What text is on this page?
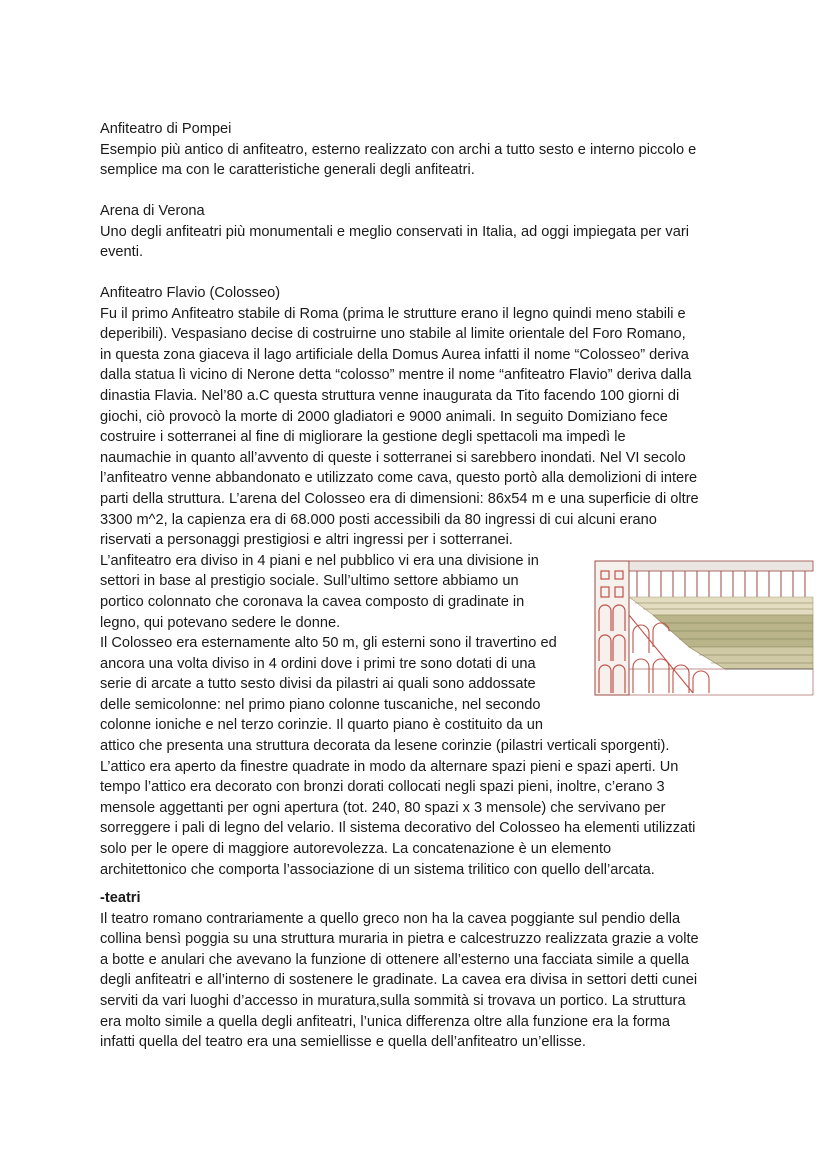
Anfiteatro di Pompei
Esempio più antico di anfiteatro, esterno realizzato con archi a tutto sesto e interno piccolo e
semplice ma con le caratteristiche generali degli anfiteatri.
Arena di Verona
Uno degli anfiteatri più monumentali e meglio conservati in Italia, ad oggi impiegata per vari
eventi.
Anfiteatro Flavio (Colosseo)
Fu il primo Anfiteatro stabile di Roma (prima le strutture erano il legno quindi meno stabili e
deperibili). Vespasiano decise di costruirne uno stabile al limite orientale del Foro Romano,
in questa zona giaceva il lago artificiale della Domus Aurea infatti il nome “Colosseo” deriva
dalla statua lì vicino di Nerone detta “colosso” mentre il nome “anfiteatro Flavio” deriva dalla
dinastia Flavia. Nel’80 a.C questa struttura venne inaugurata da Tito facendo 100 giorni di
giochi, ciò provocò la morte di 2000 gladiatori e 9000 animali. In seguito Domiziano fece
costruire i sotterranei al fine di migliorare la gestione degli spettacoli ma impedì le
naumachie in quanto all’avvento di queste i sotterranei si sarebbero inondati. Nel VI secolo
l’anfiteatro venne abbandonato e utilizzato come cava, questo portò alla demolizioni di intere
parti della struttura. L’arena del Colosseo era di dimensioni: 86x54 m e una superficie di oltre
3300 m^2, la capienza era di 68.000 posti accessibili da 80 ingressi di cui alcuni erano
riservati a personaggi prestigiosi e altri ingressi per i sotterranei.
L’anfiteatro era diviso in 4 piani e nel pubblico vi era una divisione in
settori in base al prestigio sociale. Sull’ultimo settore abbiamo un
portico colonnato che coronava la cavea composto di gradinate in
legno, qui potevano sedere le donne.
Il Colosseo era esternamente alto 50 m, gli esterni sono il travertino ed
ancora una volta diviso in 4 ordini dove i primi tre sono dotati di una
serie di arcate a tutto sesto divisi da pilastri ai quali sono addossate
delle semicolonne: nel primo piano colonne tuscaniche, nel secondo
colonne ioniche e nel terzo corinzie. Il quarto piano è costituito da un
attico che presenta una struttura decorata da lesene corinzie (pilastri verticali sporgenti).
L’attico era aperto da finestre quadrate in modo da alternare spazi pieni e spazi aperti. Un
tempo l’attico era decorato con bronzi dorati collocati negli spazi pieni, inoltre, c’erano 3
mensole aggettanti per ogni apertura (tot. 240, 80 spazi x 3 mensole) che servivano per
sorreggere i pali di legno del velario. Il sistema decorativo del Colosseo ha elementi utilizzati
solo per le opere di maggiore autorevolezza. La concatenazione è un elemento
architettonico che comporta l’associazione di un sistema trilitico con quello dell’arcata.
-teatri
Il teatro romano contrariamente a quello greco non ha la cavea poggiante sul pendio della
collina bensì poggia su una struttura muraria in pietra e calcestruzzo realizzata grazie a volte
a botte e anulari che avevano la funzione di ottenere all’esterno una facciata simile a quella
degli anfiteatri e all’interno di sostenere le gradinate. La cavea era divisa in settori detti cunei
serviti da vari luoghi d’accesso in muratura,sulla sommità si trovava un portico. La struttura
era molto simile a quella degli anfiteatri, l’unica differenza oltre alla funzione era la forma
infatti quella del teatro era una semiellisse e quella dell’anfiteatro un’ellisse.
